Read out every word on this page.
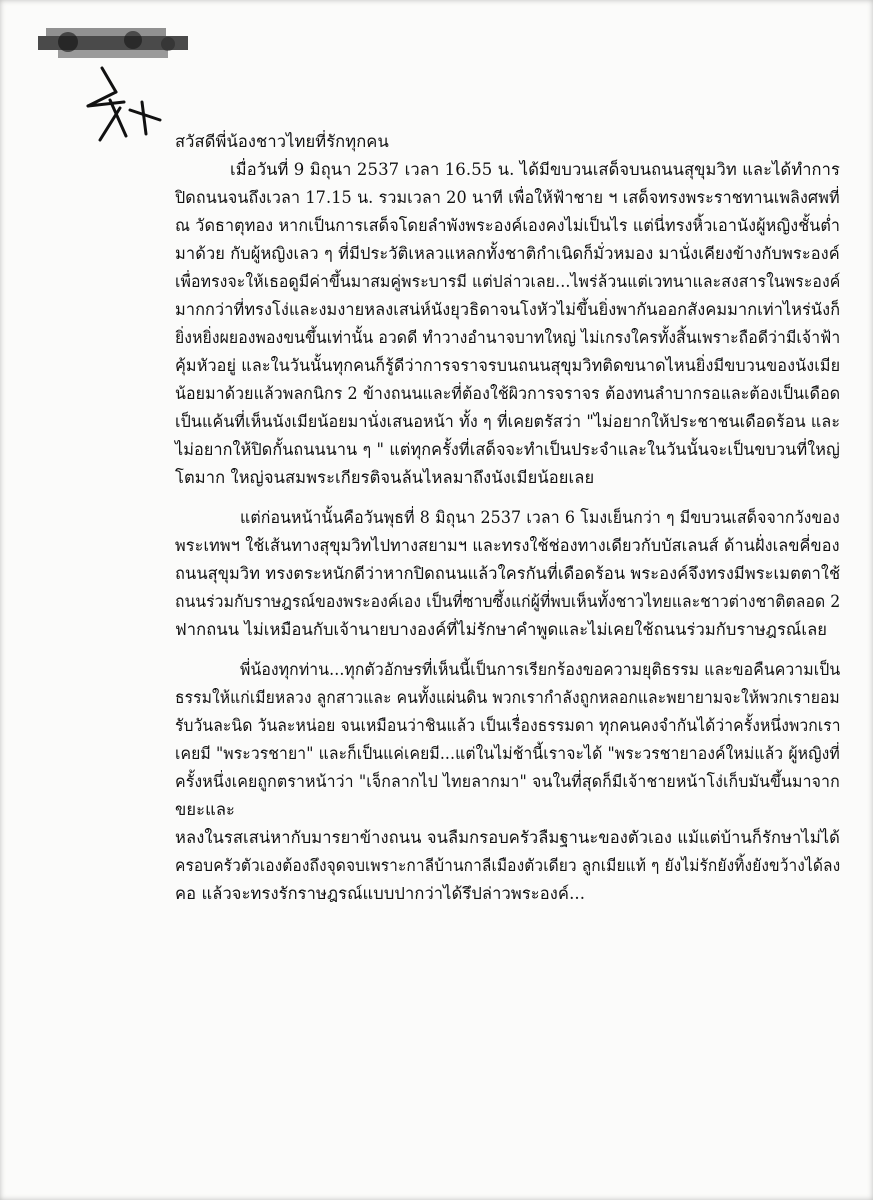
สวัสดีพี่น้องชาวไทยที่รักทุกคน
เมื่อวันที่ 9 มิถุนา 2537 เวลา 16.55 น. ได้มีขบวนเสด็จบนถนนสุขุมวิท และได้ทำการ
ปิดถนนจนถึงเวลา 17.15 น. รวมเวลา 20 นาที เพื่อให้ฟ้าชาย ฯ เสด็จทรงพระราชทานเพลิงศพที่
ณ วัดธาตุทอง หากเป็นการเสด็จโดยลำพังพระองค์เองคงไม่เป็นไร แต่นี่ทรงหิ้วเอานังผู้หญิงชั้นต่ำ
มาด้วย กับผู้หญิงเลว ๆ ที่มีประวัติเหลวแหลกทั้งชาติกำเนิดก็มั่วหมอง มานั่งเคียงข้างกับพระองค์
เพื่อทรงจะให้เธอดูมีค่าขึ้นมาสมคู่พระบารมี แต่ปล่าวเลย...ไพร่ล้วนแต่เวทนาและสงสารในพระองค์
มากกว่าที่ทรงโง่และงมงายหลงเสน่ห์นังยุวธิดาจนโงหัวไม่ขึ้นยิ่งพากันออกสังคมมากเท่าไหร่นังก็
ยิ่งหยิ่งผยองพองขนขึ้นเท่านั้น อวดดี ทำวางอำนาจบาทใหญ่ ไม่เกรงใครทั้งสิ้นเพราะถือดีว่ามีเจ้าฟ้า
คุ้มหัวอยู่ และในวันนั้นทุกคนก็รู้ดีว่าการจราจรบนถนนสุขุมวิทติดขนาดไหนยิ่งมีขบวนของนังเมีย
น้อยมาด้วยแล้วพลกนิกร 2 ข้างถนนและที่ต้องใช้ผิวการจราจร ต้องทนลำบากรอและต้องเป็นเดือด
เป็นแค้นที่เห็นนังเมียน้อยมานั่งเสนอหน้า ทั้ง ๆ ที่เคยตรัสว่า "ไม่อยากให้ประชาชนเดือดร้อน และ
ไม่อยากให้ปิดกั้นถนนนาน ๆ " แต่ทุกครั้งที่เสด็จจะทำเป็นประจำและในวันนั้นจะเป็นขบวนที่ใหญ่
โตมาก ใหญ่จนสมพระเกียรติจนล้นไหลมาถึงนังเมียน้อยเลย
แต่ก่อนหน้านั้นคือวันพุธที่ 8 มิถุนา 2537 เวลา 6 โมงเย็นกว่า ๆ มีขบวนเสด็จจากวังของ
พระเทพฯ ใช้เส้นทางสุขุมวิทไปทางสยามฯ และทรงใช้ช่องทางเดียวกับบัสเลนส์ ด้านฝั่งเลขคี่ของ
ถนนสุขุมวิท ทรงตระหนักดีว่าหากปิดถนนแล้วใครกันที่เดือดร้อน พระองค์จึงทรงมีพระเมตตาใช้
ถนนร่วมกับราษฎรณ์ของพระองค์เอง เป็นที่ซาบซึ้งแก่ผู้ที่พบเห็นทั้งชาวไทยและชาวต่างชาติตลอด 2
ฟากถนน ไม่เหมือนกับเจ้านายบางองค์ที่ไม่รักษาคำพูดและไม่เคยใช้ถนนร่วมกับราษฎรณ์เลย
พี่น้องทุกท่าน...ทุกตัวอักษรที่เห็นนี้เป็นการเรียกร้องขอความยุติธรรม และขอคืนความเป็น
ธรรมให้แก่เมียหลวง ลูกสาวและ คนทั้งแผ่นดิน พวกเรากำลังถูกหลอกและพยายามจะให้พวกเรายอม
รับวันละนิด วันละหน่อย จนเหมือนว่าชินแล้ว เป็นเรื่องธรรมดา ทุกคนคงจำกันได้ว่าครั้งหนึ่งพวกเรา
เคยมี "พระวรชายา" และก็เป็นแค่เคยมี...แต่ในไม่ช้านี้เราจะได้ "พระวรชายาองค์ใหม่แล้ว ผู้หญิงที่
ครั้งหนึ่งเคยถูกตราหน้าว่า "เจ็กลากไป ไทยลากมา" จนในที่สุดก็มีเจ้าชายหน้าโง่เก็บมันขึ้นมาจาก
ขยะและ
หลงในรสเสน่หากับมารยาข้างถนน จนลืมกรอบครัวลืมฐานะของตัวเอง แม้แต่บ้านก็รักษาไม่ได้
ครอบครัวตัวเองต้องถึงจุดจบเพราะกาลีบ้านกาลีเมืองตัวเดียว ลูกเมียแท้ ๆ ยังไม่รักยังทิ้งยังขว้างได้ลง
คอ แล้วจะทรงรักราษฎรณ์แบบปากว่าได้รึปล่าวพระองค์...
